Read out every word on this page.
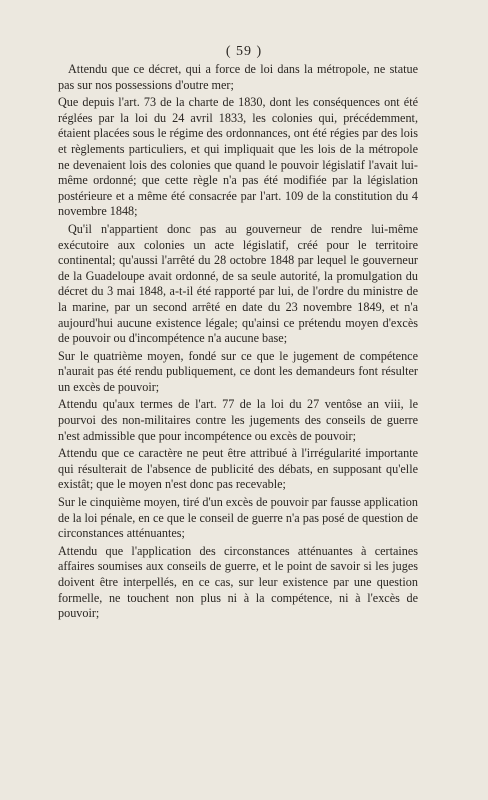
( 59 )

Attendu que ce décret, qui a force de loi dans la métropole, ne statue pas sur nos possessions d'outre mer;

Que depuis l'art. 73 de la charte de 1830, dont les conséquences ont été réglées par la loi du 24 avril 1833, les colonies qui, précédemment, étaient placées sous le régime des ordonnances, ont été régies par des lois et règlements particuliers, et qui impliquait que les lois de la métropole ne devenaient lois des colonies que quand le pouvoir législatif l'avait lui-même ordonné; que cette règle n'a pas été modifiée par la législation postérieure et a même été consacrée par l'art. 109 de la constitution du 4 novembre 1848;

Qu'il n'appartient donc pas au gouverneur de rendre lui-même exécutoire aux colonies un acte législatif, créé pour le territoire continental; qu'aussi l'arrêté du 28 octobre 1848 par lequel le gouverneur de la Guadeloupe avait ordonné, de sa seule autorité, la promulgation du décret du 3 mai 1848, a-t-il été rapporté par lui, de l'ordre du ministre de la marine, par un second arrêté en date du 23 novembre 1849, et n'a aujourd'hui aucune existence légale; qu'ainsi ce prétendu moyen d'excès de pouvoir ou d'incompétence n'a aucune base;

Sur le quatrième moyen, fondé sur ce que le jugement de compétence n'aurait pas été rendu publiquement, ce dont les demandeurs font résulter un excès de pouvoir;

Attendu qu'aux termes de l'art. 77 de la loi du 27 ventôse an viii, le pourvoi des non-militaires contre les jugements des conseils de guerre n'est admissible que pour incompétence ou excès de pouvoir;

Attendu que ce caractère ne peut être attribué à l'irrégularité importante qui résulterait de l'absence de publicité des débats, en supposant qu'elle existât; que le moyen n'est donc pas recevable;

Sur le cinquième moyen, tiré d'un excès de pouvoir par fausse application de la loi pénale, en ce que le conseil de guerre n'a pas posé de question de circonstances atténuantes;

Attendu que l'application des circonstances atténuantes à certaines affaires soumises aux conseils de guerre, et le point de savoir si les juges doivent être interpellés, en ce cas, sur leur existence par une question formelle, ne touchent non plus ni à la compétence, ni à l'excès de pouvoir;
